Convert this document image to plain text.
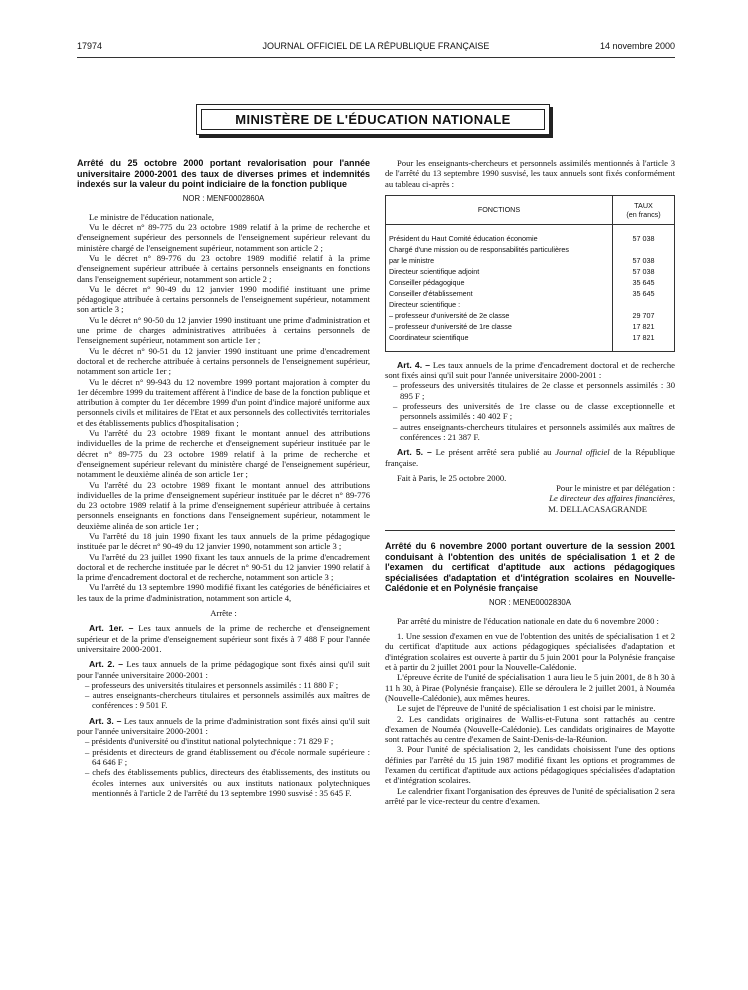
17974	JOURNAL OFFICIEL DE LA RÉPUBLIQUE FRANÇAISE	14 novembre 2000
MINISTÈRE DE L'ÉDUCATION NATIONALE
Arrêté du 25 octobre 2000 portant revalorisation pour l'année universitaire 2000-2001 des taux de diverses primes et indemnités indexés sur la valeur du point indiciaire de la fonction publique
NOR : MENF0002860A

Le ministre de l'éducation nationale,

Vu le décret n° 89-775 du 23 octobre 1989 relatif à la prime de recherche et d'enseignement supérieur des personnels de l'enseignement supérieur relevant du ministère chargé de l'enseignement supérieur, notamment son article 2 ;

Vu le décret n° 89-776 du 23 octobre 1989 modifié relatif à la prime d'enseignement supérieur attribuée à certains personnels enseignants en fonctions dans l'enseignement supérieur, notamment son article 2 ;

Vu le décret n° 90-49 du 12 janvier 1990 modifié instituant une prime pédagogique attribuée à certains personnels de l'enseignement supérieur, notamment son article 3 ;

Vu le décret n° 90-50 du 12 janvier 1990 instituant une prime d'administration et une prime de charges administratives attribuées à certains personnels de l'enseignement supérieur, notamment son article 1er ;

Vu le décret n° 90-51 du 12 janvier 1990 instituant une prime d'encadrement doctoral et de recherche attribuée à certains personnels de l'enseignement supérieur, notamment son article 1er ;

Vu le décret n° 99-943 du 12 novembre 1999 portant majoration à compter du 1er décembre 1999 du traitement afférent à l'indice de base de la fonction publique et attribution à compter du 1er décembre 1999 d'un point d'indice majoré uniforme aux personnels civils et militaires de l'Etat et aux personnels des collectivités territoriales et des établissements publics d'hospitalisation ;

Vu l'arrêté du 23 octobre 1989 fixant le montant annuel des attributions individuelles de la prime de recherche et d'enseignement supérieur instituée par le décret n° 89-775 du 23 octobre 1989 relatif à la prime de recherche et d'enseignement supérieur relevant du ministère chargé de l'enseignement supérieur, notamment le deuxième alinéa de son article 1er ;

Vu l'arrêté du 23 octobre 1989 fixant le montant annuel des attributions individuelles de la prime d'enseignement supérieur instituée par le décret n° 89-776 du 23 octobre 1989 relatif à la prime d'enseignement supérieur attribuée à certains personnels enseignants en fonctions dans l'enseignement supérieur, notamment le deuxième alinéa de son article 1er ;

Vu l'arrêté du 18 juin 1990 fixant les taux annuels de la prime pédagogique instituée par le décret n° 90-49 du 12 janvier 1990, notamment son article 3 ;

Vu l'arrêté du 23 juillet 1990 fixant les taux annuels de la prime d'encadrement doctoral et de recherche instituée par le décret n° 90-51 du 12 janvier 1990 relatif à la prime d'encadrement doctoral et de recherche, notamment son article 3 ;

Vu l'arrêté du 13 septembre 1990 modifié fixant les catégories de bénéficiaires et les taux de la prime d'administration, notamment son article 4,

Arrête :

Art. 1er. – Les taux annuels de la prime de recherche et d'enseignement supérieur et de la prime d'enseignement supérieur sont fixés à 7 488 F pour l'année universitaire 2000-2001.

Art. 2. – Les taux annuels de la prime pédagogique sont fixés ainsi qu'il suit pour l'année universitaire 2000-2001 :

– professeurs des universités titulaires et personnels assimilés : 11 880 F ;
– autres enseignants-chercheurs titulaires et personnels assimilés aux maîtres de conférences : 9 501 F.

Art. 3. – Les taux annuels de la prime d'administration sont fixés ainsi qu'il suit pour l'année universitaire 2000-2001 :

– présidents d'université ou d'institut national polytechnique : 71 829 F ;
– présidents et directeurs de grand établissement ou d'école normale supérieure : 64 646 F ;
– chefs des établissements publics, directeurs des établissements, des instituts ou écoles internes aux universités ou aux instituts nationaux polytechniques mentionnés à l'article 2 de l'arrêté du 13 septembre 1990 susvisé : 35 645 F.

Pour les enseignants-chercheurs et personnels assimilés mentionnés à l'article 3 de l'arrêté du 13 septembre 1990 susvisé, les taux annuels sont fixés conformément au tableau ci-après :

FONCTIONS	TAUX
(en francs)

Président du Haut Comité éducation économie	57 038
Chargé d'une mission ou de responsabilités particulières	
par le ministre	57 038
Directeur scientifique adjoint	57 038
Conseiller pédagogique	35 645
Conseiller d'établissement	35 645
Directeur scientifique :	
– professeur d'université de 2e classe	29 707
– professeur d'université de 1re classe	17 821
Coordinateur scientifique	17 821

Art. 4. – Les taux annuels de la prime d'encadrement doctoral et de recherche sont fixés ainsi qu'il suit pour l'année universitaire 2000-2001 :

– professeurs des universités titulaires de 2e classe et personnels assimilés : 30 895 F ;
– professeurs des universités de 1re classe ou de classe exceptionnelle et personnels assimilés : 40 402 F ;
– autres enseignants-chercheurs titulaires et personnels assimilés aux maîtres de conférences : 21 387 F.

Art. 5. – Le présent arrêté sera publié au Journal officiel de la République française.

Fait à Paris, le 25 octobre 2000.

Pour le ministre et par délégation :

Le directeur des affaires financières,

M. DELLACASAGRANDE

Arrêté du 6 novembre 2000 portant ouverture de la session 2001 conduisant à l'obtention des unités de spécialisation 1 et 2 de l'examen du certificat d'aptitude aux actions pédagogiques spécialisées d'adaptation et d'intégration scolaires en Nouvelle-Calédonie et en Polynésie française
NOR : MENE0002830A

Par arrêté du ministre de l'éducation nationale en date du 6 novembre 2000 :

1. Une session d'examen en vue de l'obtention des unités de spécialisation 1 et 2 du certificat d'aptitude aux actions pédagogiques spécialisées d'adaptation et d'intégration scolaires est ouverte à partir du 5 juin 2001 pour la Polynésie française et à partir du 2 juillet 2001 pour la Nouvelle-Calédonie.

L'épreuve écrite de l'unité de spécialisation 1 aura lieu le 5 juin 2001, de 8 h 30 à 11 h 30, à Pirae (Polynésie française). Elle se déroulera le 2 juillet 2001, à Nouméa (Nouvelle-Calédonie), aux mêmes heures.

Le sujet de l'épreuve de l'unité de spécialisation 1 est choisi par le ministre.

2. Les candidats originaires de Wallis-et-Futuna sont rattachés au centre d'examen de Nouméa (Nouvelle-Calédonie). Les candidats originaires de Mayotte sont rattachés au centre d'examen de Saint-Denis-de-la-Réunion.

3. Pour l'unité de spécialisation 2, les candidats choisissent l'une des options définies par l'arrêté du 15 juin 1987 modifié fixant les options et programmes de l'examen du certificat d'aptitude aux actions pédagogiques spécialisées d'adaptation et d'intégration scolaires.

Le calendrier fixant l'organisation des épreuves de l'unité de spécialisation 2 sera arrêté par le vice-recteur du centre d'examen.
